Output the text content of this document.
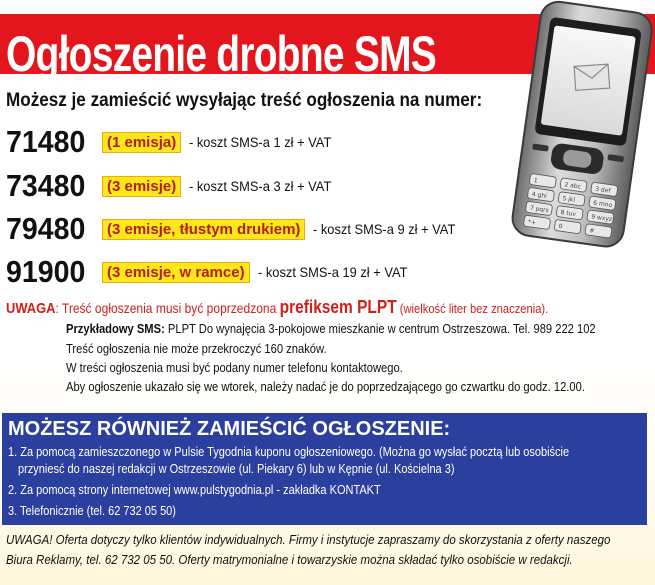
Ogłoszenie drobne SMS
1
2 abc 3 def
4 ghi 5 jkl	6 mno
7 pqrs 8 tuv 9 wxyz
*+	0
#
Możesz je zamieścić wysyłając treść ogłoszenia na numer:
71480	(1 emisja) - koszt SMS-a 1 zł + VAT
73480	(3 emisje) - koszt SMS-a 3 zł + VAT
79480	(3 emisje, tłustym drukiem) - koszt SMS-a 9 zł + VAT
91900	(3 emisje, w ramce) - koszt SMS-a 19 zł + VAT
UWAGA: Treść ogłoszenia musi być poprzedzona prefiksem PLPT (wielkość liter bez znaczenia).
Przykładowy SMS: PLPT Do wynajęcia 3-pokojowe mieszkanie w centrum Ostrzeszowa. Tel. 989 222 102
Treść ogłoszenia nie może przekroczyć 160 znaków.
W treści ogłoszenia musi być podany numer telefonu kontaktowego.
Aby ogłoszenie ukazało się we wtorek, należy nadać je do poprzedzającego go czwartku do godz. 12.00.
MOŻESZ RÓWNIEŻ ZAMIEŚCIĆ OGŁOSZENIE:
1. Za pomocą zamieszczonego w Pulsie Tygodnia kuponu ogłoszeniowego. (Można go wysłać pocztą lub osobiście
przyniesć do naszej redakcji w Ostrzeszowie (ul. Piekary 6) lub w Kępnie (ul. Kościelna 3)
2. Za pomocą strony internetowej www.pulstygodnia.pl - zakładka KONTAKT
3. Telefonicznie (tel. 62 732 05 50)
UWAGA! Oferta dotyczy tylko klientów indywidualnych. Firmy i instytucje zapraszamy do skorzystania z oferty naszego
Biura Reklamy, tel. 62 732 05 50. Oferty matrymonialne i towarzyskie można składać tylko osobiście w redakcji.
